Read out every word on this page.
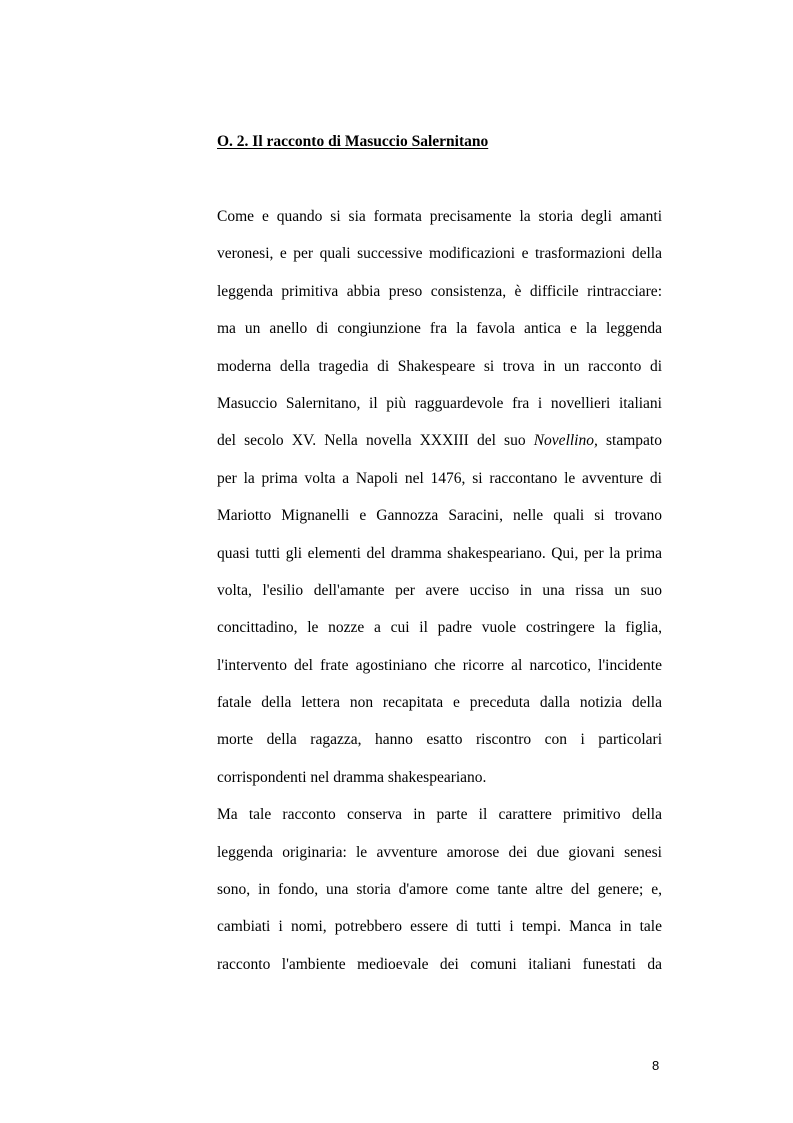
O. 2. Il racconto di Masuccio Salernitano
Come e quando si sia formata precisamente la storia degli amanti
veronesi, e per quali successive modificazioni e trasformazioni della
leggenda primitiva abbia preso consistenza, è difficile rintracciare:
ma un anello di congiunzione fra la favola antica e la leggenda
moderna della tragedia di Shakespeare si trova in un racconto di
Masuccio Salernitano, il più ragguardevole fra i novellieri italiani
del secolo XV. Nella novella XXXIII del suo Novellino, stampato
per la prima volta a Napoli nel 1476, si raccontano le avventure di
Mariotto Mignanelli e Gannozza Saracini, nelle quali si trovano
quasi tutti gli elementi del dramma shakespeariano. Qui, per la prima
volta, l'esilio dell'amante per avere ucciso in una rissa un suo
concittadino, le nozze a cui il padre vuole costringere la figlia,
l'intervento del frate agostiniano che ricorre al narcotico, l'incidente
fatale della lettera non recapitata e preceduta dalla notizia della
morte della ragazza, hanno esatto riscontro con i particolari
corrispondenti nel dramma shakespeariano.
Ma tale racconto conserva in parte il carattere primitivo della
leggenda originaria: le avventure amorose dei due giovani senesi
sono, in fondo, una storia d'amore come tante altre del genere; e,
cambiati i nomi, potrebbero essere di tutti i tempi. Manca in tale
racconto l'ambiente medioevale dei comuni italiani funestati da
8
